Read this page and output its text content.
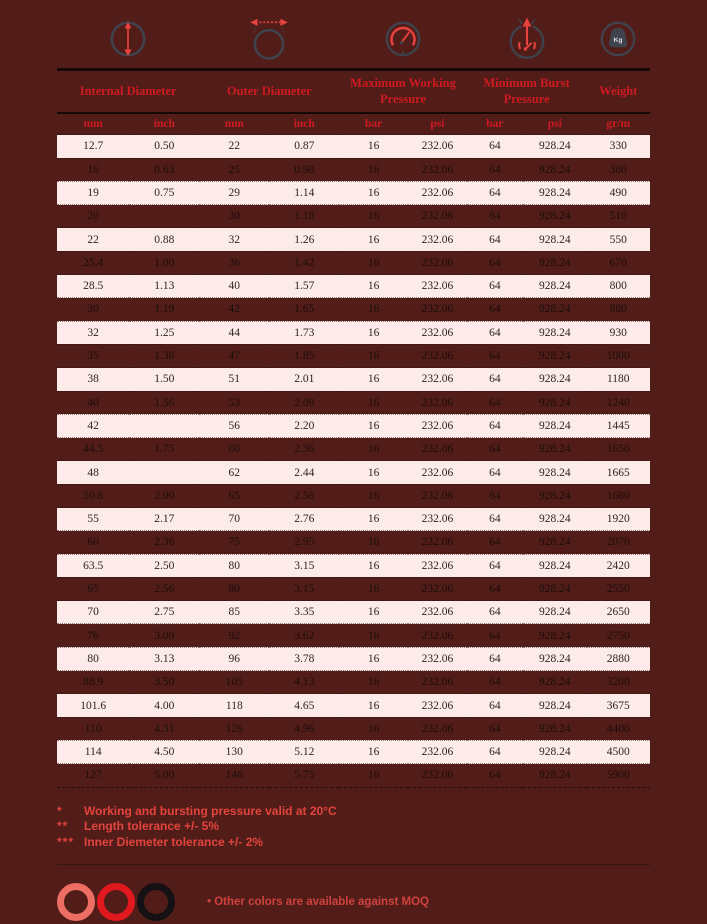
Kg

Internal Diameter		Outer Diameter		Maximum Working Pressure		Minimum Burst Pressure		Weight
mm	inch	mm	inch	bar	psi	bar	psi	gr/m
12.7	0.50	22	0.87	16	232.06	64	928.24	330
16	0.63	25	0.98	16	232.06	64	928.24	380
19	0.75	29	1.14	16	232.06	64	928.24	490
20		30	1.18	16	232.06	64	928.24	510
22	0.88	32	1.26	16	232.06	64	928.24	550
25.4	1.00	36	1.42	16	232.06	64	928.24	670
28.5	1.13	40	1.57	16	232.06	64	928.24	800
30	1.19	42	1.65	16	232.06	64	928.24	880
32	1.25	44	1.73	16	232.06	64	928.24	930
35	1.38	47	1.85	16	232.06	64	928.24	1000
38	1.50	51	2.01	16	232.06	64	928.24	1180
40	1.56	53	2.09	16	232.06	64	928.24	1240
42		56	2.20	16	232.06	64	928.24	1445
44.5	1.75	60	2.36	16	232.06	64	928.24	1650
48		62	2.44	16	232.06	64	928.24	1665
50.8	2.00	65	2.56	16	232.06	64	928.24	1680
55	2.17	70	2.76	16	232.06	64	928.24	1920
60	2.36	75	2.95	16	232.06	64	928.24	2070
63.5	2.50	80	3.15	16	232.06	64	928.24	2420
65	2.56	80	3.15	16	232.06	64	928.24	2550
70	2.75	85	3.35	16	232.06	64	928.24	2650
76	3.00	92	3.62	16	232.06	64	928.24	2750
80	3.13	96	3.78	16	232.06	64	928.24	2880
88.9	3.50	105	4.13	16	232.06	64	928.24	3200
101.6	4.00	118	4.65	16	232.06	64	928.24	3675
110	4.31	126	4.96	16	232.06	64	928.24	4400
114	4.50	130	5.12	16	232.06	64	928.24	4500
127	5.00	146	5.75	16	232.06	64	928.24	5900
*	Working and bursting pressure valid at 20°C
**	Length tolerance +/- 5%
*** Inner Diemeter tolerance +/- 2%
• Other colors are available against MOQ
